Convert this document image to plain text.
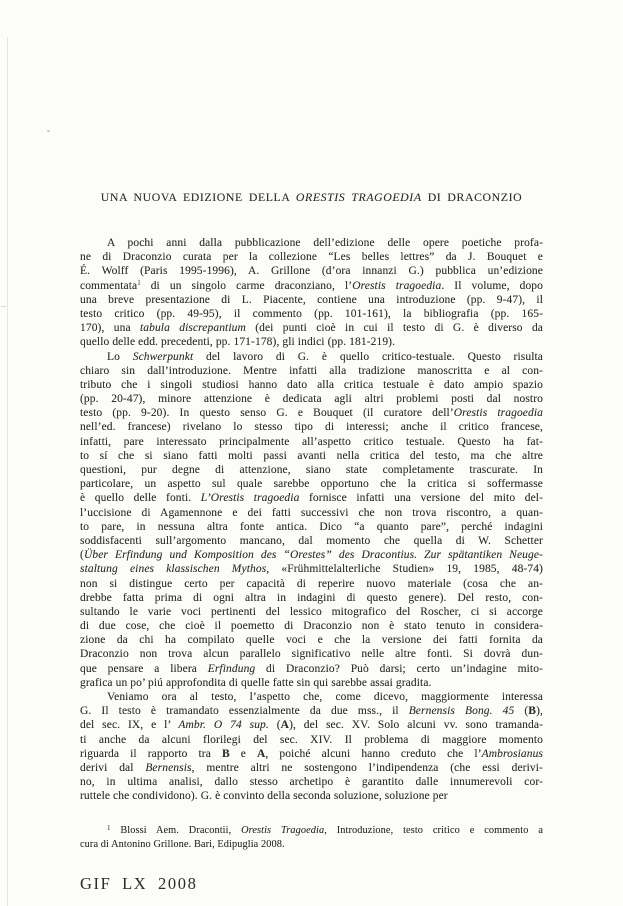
UNA NUOVA EDIZIONE DELLA ORESTIS TRAGOEDIA DI DRACONZIO
A pochi anni dalla pubblicazione dell’edizione delle opere poetiche profa-
ne di Draconzio curata per la collezione “Les belles lettres” da J. Bouquet e
É. Wolff (Paris 1995-1996), A. Grillone (d’ora innanzi G.) pubblica un’edizione
commentata$^1$ di un singolo carme draconziano, l’Orestis tragoedia. Il volume, dopo
una breve presentazione di L. Piacente, contiene una introduzione (pp. 9-47), il
testo critico (pp. 49-95), il commento (pp. 101-161), la bibliografia (pp. 165-
170), una tabula discrepantium (dei punti cioè in cui il testo di G. è diverso da
quello delle edd. precedenti, pp. 171-178), gli indici (pp. 181-219).
Lo Schwerpunkt del lavoro di G. è quello critico-testuale. Questo risulta
chiaro sin dall’introduzione. Mentre infatti alla tradizione manoscritta e al con-
tributo che i singoli studiosi hanno dato alla critica testuale è dato ampio spazio
(pp. 20-47), minore attenzione è dedicata agli altri problemi posti dal nostro
testo (pp. 9-20). In questo senso G. e Bouquet (il curatore dell’Orestis tragoedia
nell’ed. francese) rivelano lo stesso tipo di interessi; anche il critico francese,
infatti, pare interessato principalmente all’aspetto critico testuale. Questo ha fat-
to sí che si siano fatti molti passi avanti nella critica del testo, ma che altre
questioni, pur degne di attenzione, siano state completamente trascurate. In
particolare, un aspetto sul quale sarebbe opportuno che la critica si soffermasse
è quello delle fonti. L’Orestis tragoedia fornisce infatti una versione del mito del-
l’uccisione di Agamennone e dei fatti successivi che non trova riscontro, a quan-
to pare, in nessuna altra fonte antica. Dico “a quanto pare”, perché indagini
soddisfacenti sull’argomento mancano, dal momento che quella di W. Schetter
(Über Erfindung und Komposition des “Orestes” des Dracontius. Zur spätantiken Neuge-
staltung eines klassischen Mythos, «Frühmittelalterliche Studien» 19, 1985, 48-74)
non si distingue certo per capacità di reperire nuovo materiale (cosa che an-
drebbe fatta prima di ogni altra in indagini di questo genere). Del resto, con-
sultando le varie voci pertinenti del lessico mitografico del Roscher, ci si accorge
di due cose, che cioè il poemetto di Draconzio non è stato tenuto in considera-
zione da chi ha compilato quelle voci e che la versione dei fatti fornita da
Draconzio non trova alcun parallelo significativo nelle altre fonti. Si dovrà dun-
que pensare a libera Erfindung di Draconzio? Può darsi; certo un’indagine mito-
grafica un po’ piú approfondita di quelle fatte sin qui sarebbe assai gradita.
Veniamo ora al testo, l’aspetto che, come dicevo, maggiormente interessa
G. Il testo è tramandato essenzialmente da due mss., il Bernensis Bong. 45 (B),
del sec. IX, e l’ Ambr. O 74 sup. (A), del sec. XV. Solo alcuni vv. sono tramanda-
ti anche da alcuni florilegi del sec. XIV. Il problema di maggiore momento
riguarda il rapporto tra B e A, poiché alcuni hanno creduto che l’Ambrosianus
derivi dal Bernensis, mentre altri ne sostengono l’indipendenza (che essi derivi-
no, in ultima analisi, dallo stesso archetipo è garantito dalle innumerevoli cor-
ruttele che condividono). G. è convinto della seconda soluzione, soluzione per
$^1$ Blossi Aem. Dracontii, Orestis Tragoedia, Introduzione, testo critico e commento a
cura di Antonino Grillone. Bari, Edipuglia 2008.
GIF LX 2008
